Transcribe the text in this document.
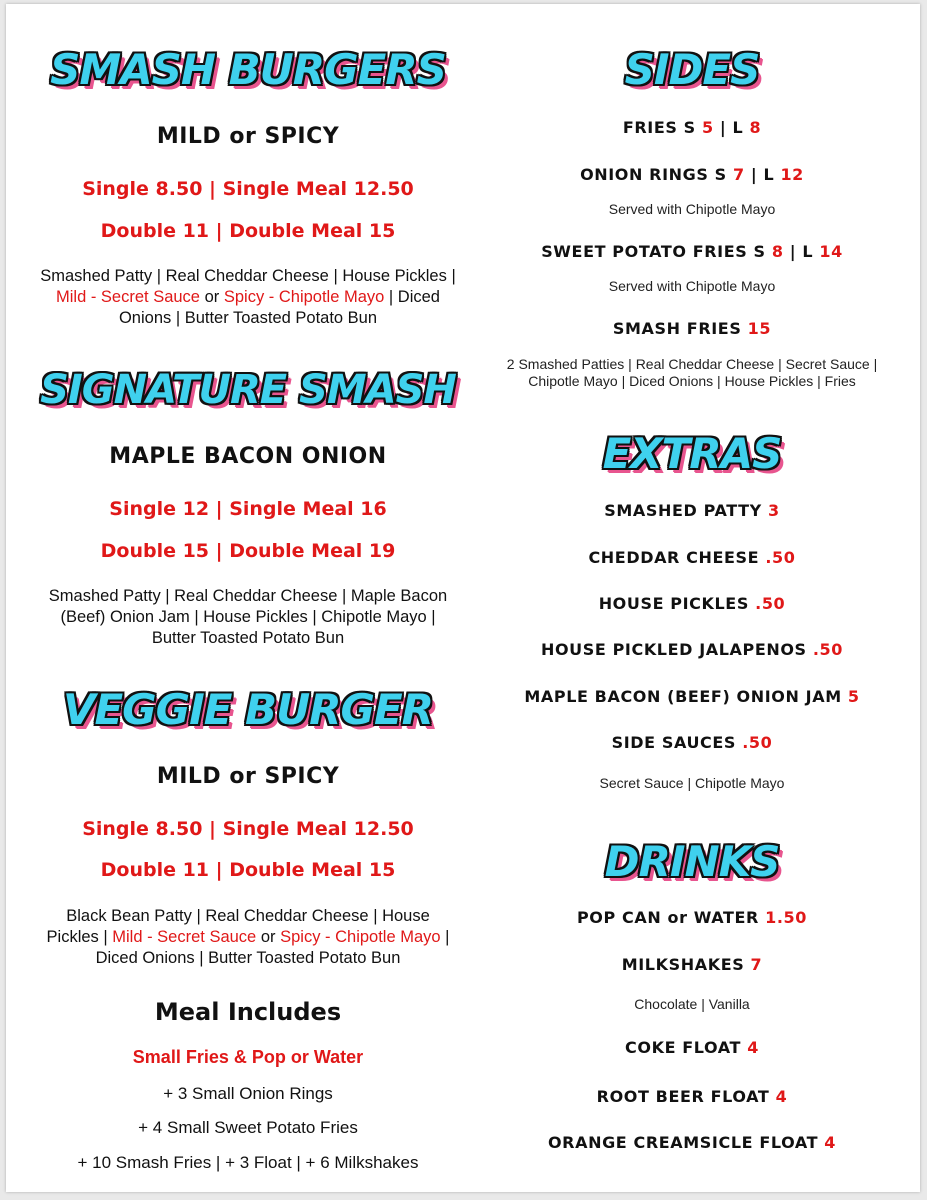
SMASH BURGERS
MILD or SPICY
Single 8.50 | Single Meal 12.50
Double 11 | Double Meal 15
Smashed Patty | Real Cheddar Cheese | House Pickles | Mild - Secret Sauce or Spicy - Chipotle Mayo | Diced Onions | Butter Toasted Potato Bun
SIGNATURE SMASH
MAPLE BACON ONION
Single 12 | Single Meal 16
Double 15 | Double Meal 19
Smashed Patty | Real Cheddar Cheese | Maple Bacon (Beef) Onion Jam | House Pickles | Chipotle Mayo | Butter Toasted Potato Bun
VEGGIE BURGER
MILD or SPICY
Single 8.50 | Single Meal 12.50
Double 11 | Double Meal 15
Black Bean Patty | Real Cheddar Cheese | House Pickles | Mild - Secret Sauce or Spicy - Chipotle Mayo | Diced Onions | Butter Toasted Potato Bun
Meal Includes
Small Fries & Pop or Water
+ 3 Small Onion Rings
+ 4 Small Sweet Potato Fries
+ 10 Smash Fries | + 3 Float | + 6 Milkshakes
SIDES
FRIES S 5 | L 8
ONION RINGS S 7 | L 12
Served with Chipotle Mayo
SWEET POTATO FRIES S 8 | L 14
Served with Chipotle Mayo
SMASH FRIES 15
2 Smashed Patties | Real Cheddar Cheese | Secret Sauce | Chipotle Mayo | Diced Onions | House Pickles | Fries
EXTRAS
SMASHED PATTY 3
CHEDDAR CHEESE .50
HOUSE PICKLES .50
HOUSE PICKLED JALAPENOS .50
MAPLE BACON (BEEF) ONION JAM 5
SIDE SAUCES .50
Secret Sauce | Chipotle Mayo
DRINKS
POP CAN or WATER 1.50
MILKSHAKES 7
Chocolate | Vanilla
COKE FLOAT 4
ROOT BEER FLOAT 4
ORANGE CREAMSICLE FLOAT 4
